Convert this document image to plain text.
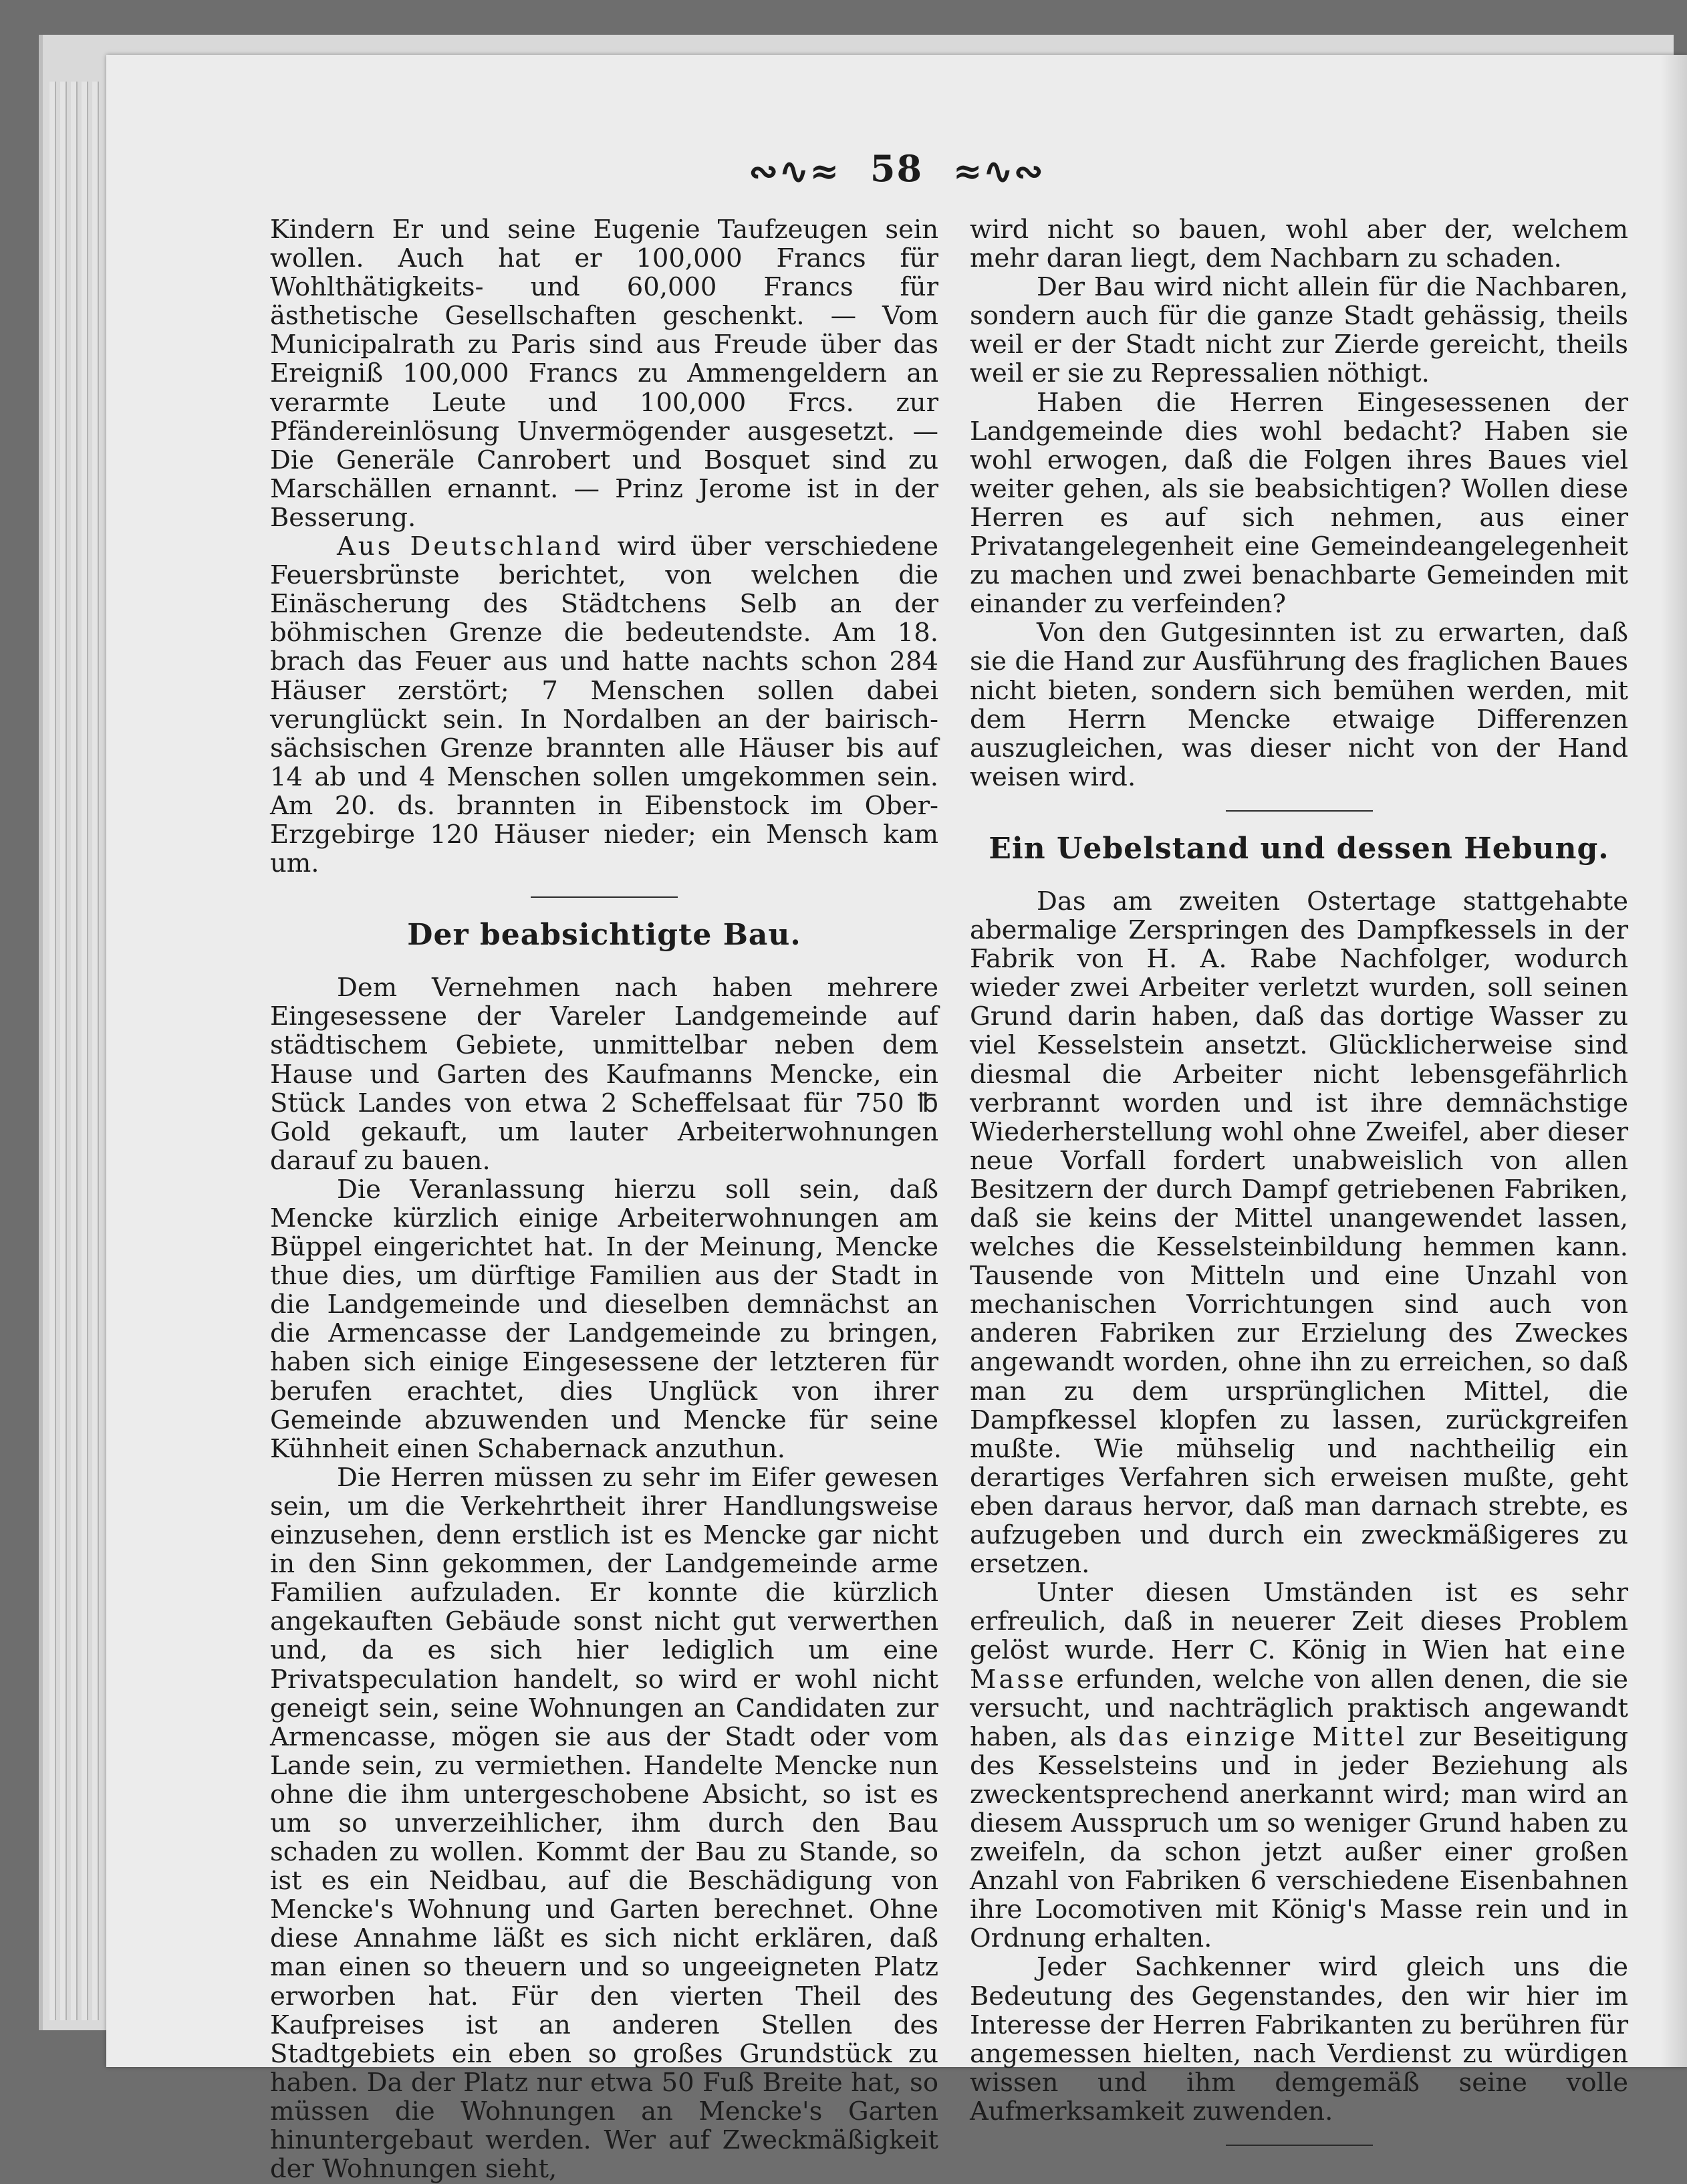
∾∿≈ 58 ≈∿∾

Kindern Er und seine Eugenie Taufzeugen sein wollen. Auch hat er 100,000 Francs für Wohlthätigkeits- und 60,000 Francs für ästhetische Gesellschaften geschenkt. — Vom Municipalrath zu Paris sind aus Freude über das Ereigniß 100,000 Francs zu Ammengeldern an verarmte Leute und 100,000 Frcs. zur Pfändereinlösung Unvermögender ausgesetzt. — Die Generäle Canrobert und Bosquet sind zu Marschällen ernannt. — Prinz Jerome ist in der Besserung.

Aus Deutschland wird über verschiedene Feuersbrünste berichtet, von welchen die Einäscherung des Städtchens Selb an der böhmischen Grenze die bedeutendste. Am 18. brach das Feuer aus und hatte nachts schon 284 Häuser zerstört; 7 Menschen sollen dabei verunglückt sein. In Nordalben an der bairisch-sächsischen Grenze brannten alle Häuser bis auf 14 ab und 4 Menschen sollen umgekommen sein. Am 20. ds. brannten in Eibenstock im Ober-Erzgebirge 120 Häuser nieder; ein Mensch kam um.

Der beabsichtigte Bau.

Dem Vernehmen nach haben mehrere Eingesessene der Vareler Landgemeinde auf städtischem Gebiete, unmittelbar neben dem Hause und Garten des Kaufmanns Mencke, ein Stück Landes von etwa 2 Scheffelsaat für 750 ℔ Gold gekauft, um lauter Arbeiterwohnungen darauf zu bauen.

Die Veranlassung hierzu soll sein, daß Mencke kürzlich einige Arbeiterwohnungen am Büppel eingerichtet hat. In der Meinung, Mencke thue dies, um dürftige Familien aus der Stadt in die Landgemeinde und dieselben demnächst an die Armencasse der Landgemeinde zu bringen, haben sich einige Eingesessene der letzteren für berufen erachtet, dies Unglück von ihrer Gemeinde abzuwenden und Mencke für seine Kühnheit einen Schabernack anzuthun.

Die Herren müssen zu sehr im Eifer gewesen sein, um die Verkehrtheit ihrer Handlungsweise einzusehen, denn erstlich ist es Mencke gar nicht in den Sinn gekommen, der Landgemeinde arme Familien aufzuladen. Er konnte die kürzlich angekauften Gebäude sonst nicht gut verwerthen und, da es sich hier lediglich um eine Privatspeculation handelt, so wird er wohl nicht geneigt sein, seine Wohnungen an Candidaten zur Armencasse, mögen sie aus der Stadt oder vom Lande sein, zu vermiethen. Handelte Mencke nun ohne die ihm untergeschobene Absicht, so ist es um so unverzeihlicher, ihm durch den Bau schaden zu wollen. Kommt der Bau zu Stande, so ist es ein Neidbau, auf die Beschädigung von Mencke's Wohnung und Garten berechnet. Ohne diese Annahme läßt es sich nicht erklären, daß man einen so theuern und so ungeeigneten Platz erworben hat. Für den vierten Theil des Kaufpreises ist an anderen Stellen des Stadtgebiets ein eben so großes Grundstück zu haben. Da der Platz nur etwa 50 Fuß Breite hat, so müssen die Wohnungen an Mencke's Garten hinuntergebaut werden. Wer auf Zweckmäßigkeit der Wohnungen sieht,

wird nicht so bauen, wohl aber der, welchem mehr daran liegt, dem Nachbarn zu schaden.

Der Bau wird nicht allein für die Nachbaren, sondern auch für die ganze Stadt gehässig, theils weil er der Stadt nicht zur Zierde gereicht, theils weil er sie zu Repressalien nöthigt.

Haben die Herren Eingesessenen der Landgemeinde dies wohl bedacht? Haben sie wohl erwogen, daß die Folgen ihres Baues viel weiter gehen, als sie beabsichtigen? Wollen diese Herren es auf sich nehmen, aus einer Privatangelegenheit eine Gemeindeangelegenheit zu machen und zwei benachbarte Gemeinden mit einander zu verfeinden?

Von den Gutgesinnten ist zu erwarten, daß sie die Hand zur Ausführung des fraglichen Baues nicht bieten, sondern sich bemühen werden, mit dem Herrn Mencke etwaige Differenzen auszugleichen, was dieser nicht von der Hand weisen wird.

Ein Uebelstand und dessen Hebung.

Das am zweiten Ostertage stattgehabte abermalige Zerspringen des Dampfkessels in der Fabrik von H. A. Rabe Nachfolger, wodurch wieder zwei Arbeiter verletzt wurden, soll seinen Grund darin haben, daß das dortige Wasser zu viel Kesselstein ansetzt. Glücklicherweise sind diesmal die Arbeiter nicht lebensgefährlich verbrannt worden und ist ihre demnächstige Wiederherstellung wohl ohne Zweifel, aber dieser neue Vorfall fordert unabweislich von allen Besitzern der durch Dampf getriebenen Fabriken, daß sie keins der Mittel unangewendet lassen, welches die Kesselsteinbildung hemmen kann. Tausende von Mitteln und eine Unzahl von mechanischen Vorrichtungen sind auch von anderen Fabriken zur Erzielung des Zweckes angewandt worden, ohne ihn zu erreichen, so daß man zu dem ursprünglichen Mittel, die Dampfkessel klopfen zu lassen, zurückgreifen mußte. Wie mühselig und nachtheilig ein derartiges Verfahren sich erweisen mußte, geht eben daraus hervor, daß man darnach strebte, es aufzugeben und durch ein zweckmäßigeres zu ersetzen.

Unter diesen Umständen ist es sehr erfreulich, daß in neuerer Zeit dieses Problem gelöst wurde. Herr C. König in Wien hat eine Masse erfunden, welche von allen denen, die sie versucht, und nachträglich praktisch angewandt haben, als das einzige Mittel zur Beseitigung des Kesselsteins und in jeder Beziehung als zweckentsprechend anerkannt wird; man wird an diesem Ausspruch um so weniger Grund haben zu zweifeln, da schon jetzt außer einer großen Anzahl von Fabriken 6 verschiedene Eisenbahnen ihre Locomotiven mit König's Masse rein und in Ordnung erhalten.

Jeder Sachkenner wird gleich uns die Bedeutung des Gegenstandes, den wir hier im Interesse der Herren Fabrikanten zu berühren für angemessen hielten, nach Verdienst zu würdigen wissen und ihm demgemäß seine volle Aufmerksamkeit zuwenden.
